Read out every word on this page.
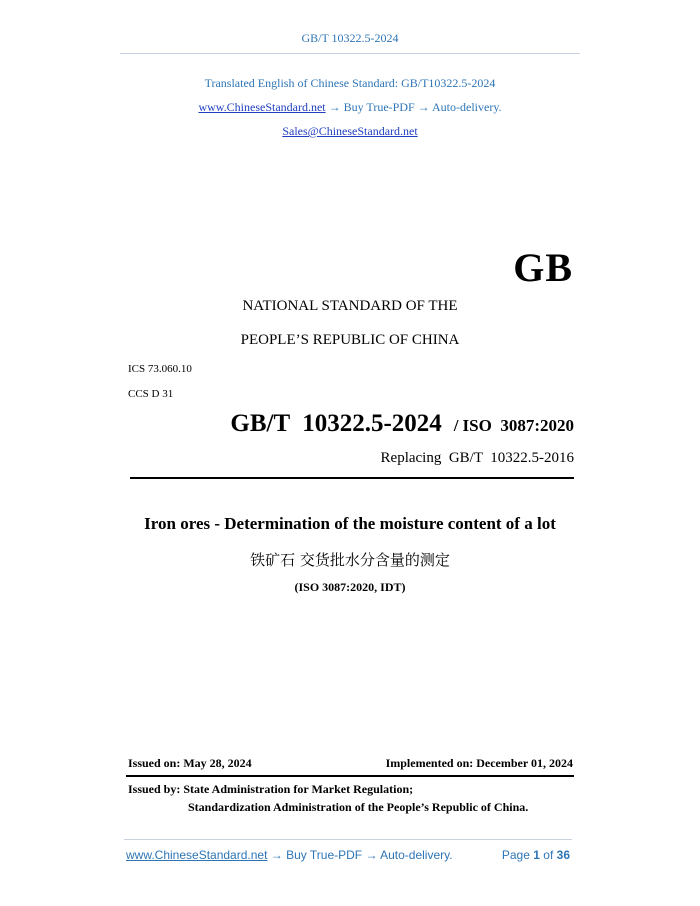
GB/T 10322.5-2024
Translated English of Chinese Standard: GB/T10322.5-2024
www.ChineseStandard.net → Buy True-PDF → Auto-delivery.
Sales@ChineseStandard.net
GB
NATIONAL STANDARD OF THE
PEOPLE’S REPUBLIC OF CHINA
ICS 73.060.10
CCS D 31
GB/T  10322.5-2024 / ISO  3087:2020
Replacing  GB/T  10322.5-2016
Iron ores - Determination of the moisture content of a lot
铁矿石 交货批水分含量的测定
(ISO 3087:2020, IDT)
Issued on: May 28, 2024	Implemented on: December 01, 2024
Issued by: State Administration for Market Regulation;
Standardization Administration of the People’s Republic of China.
www.ChineseStandard.net → Buy True-PDF → Auto-delivery.	Page 1 of 36
